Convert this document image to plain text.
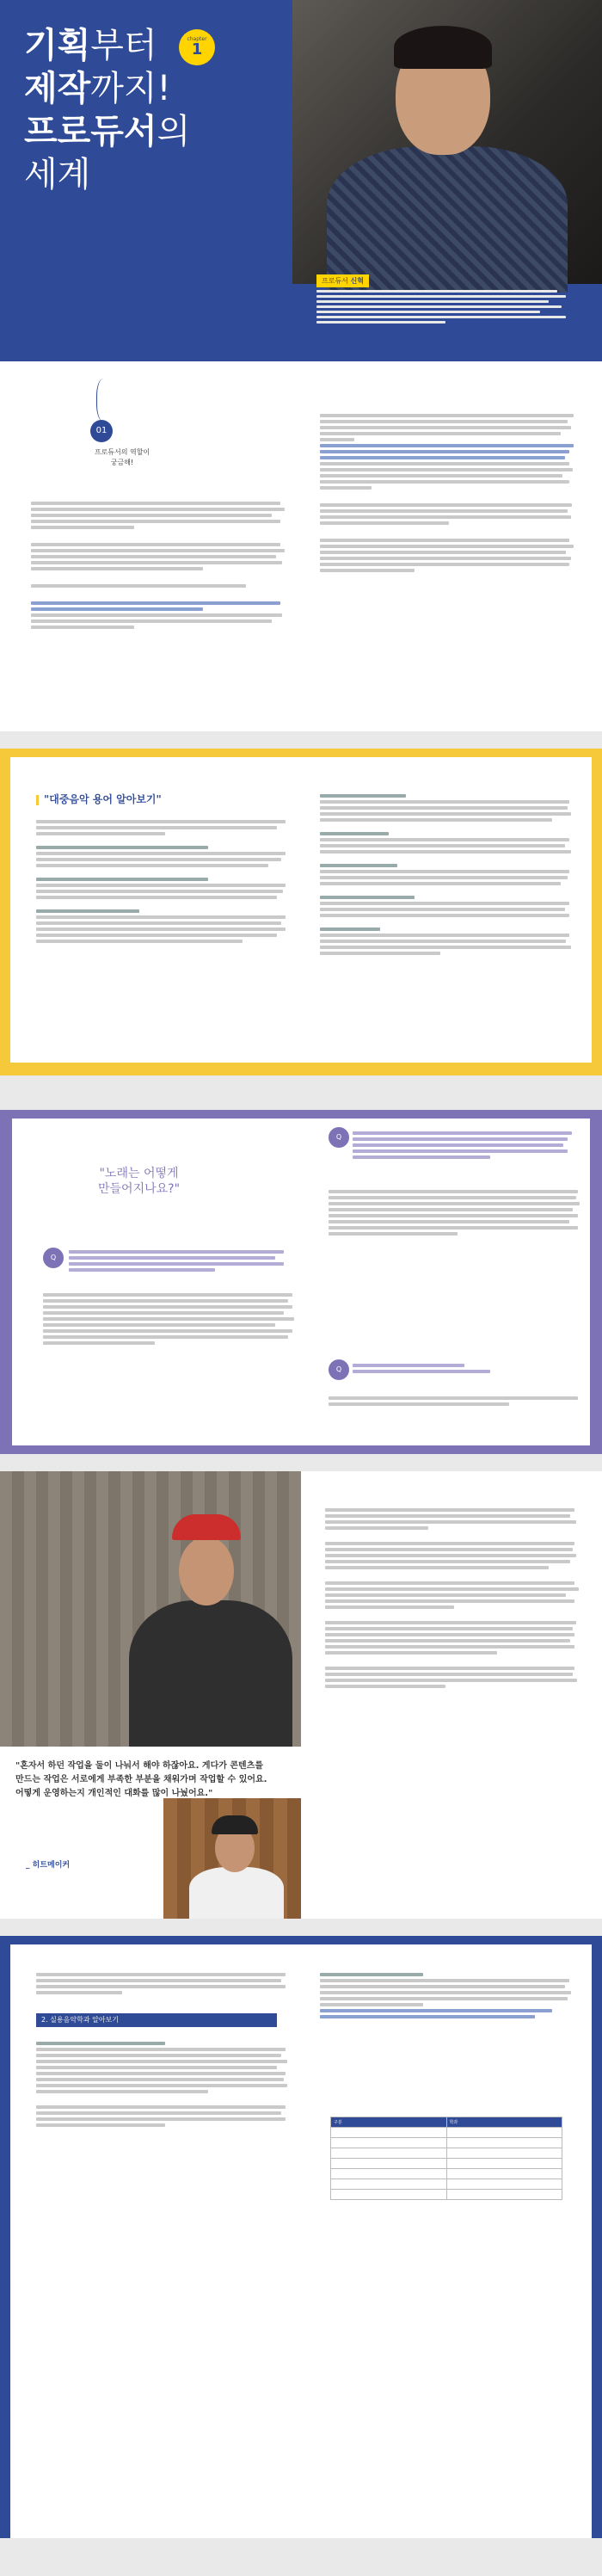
기획부터
제작까지!
프로듀서의
세계
chapter
1
프로듀서 신혁
01
프로듀서의 역할이
궁금해!
"대중음악 용어 알아보기"
"노래는 어떻게
만들어지나요?"
Q
Q
Q
"혼자서 하던 작업을 둘이 나눠서 해야 하잖아요. 게다가 콘텐츠를 만드는 작업은 서로에게 부족한 부분을 채워가며 작업할 수 있어요. 어떻게 운영하는지 개인적인 대화를 많이 나눴어요."
_ 히트메이커
2. 실용음악학과 알아보기
구분	학과
